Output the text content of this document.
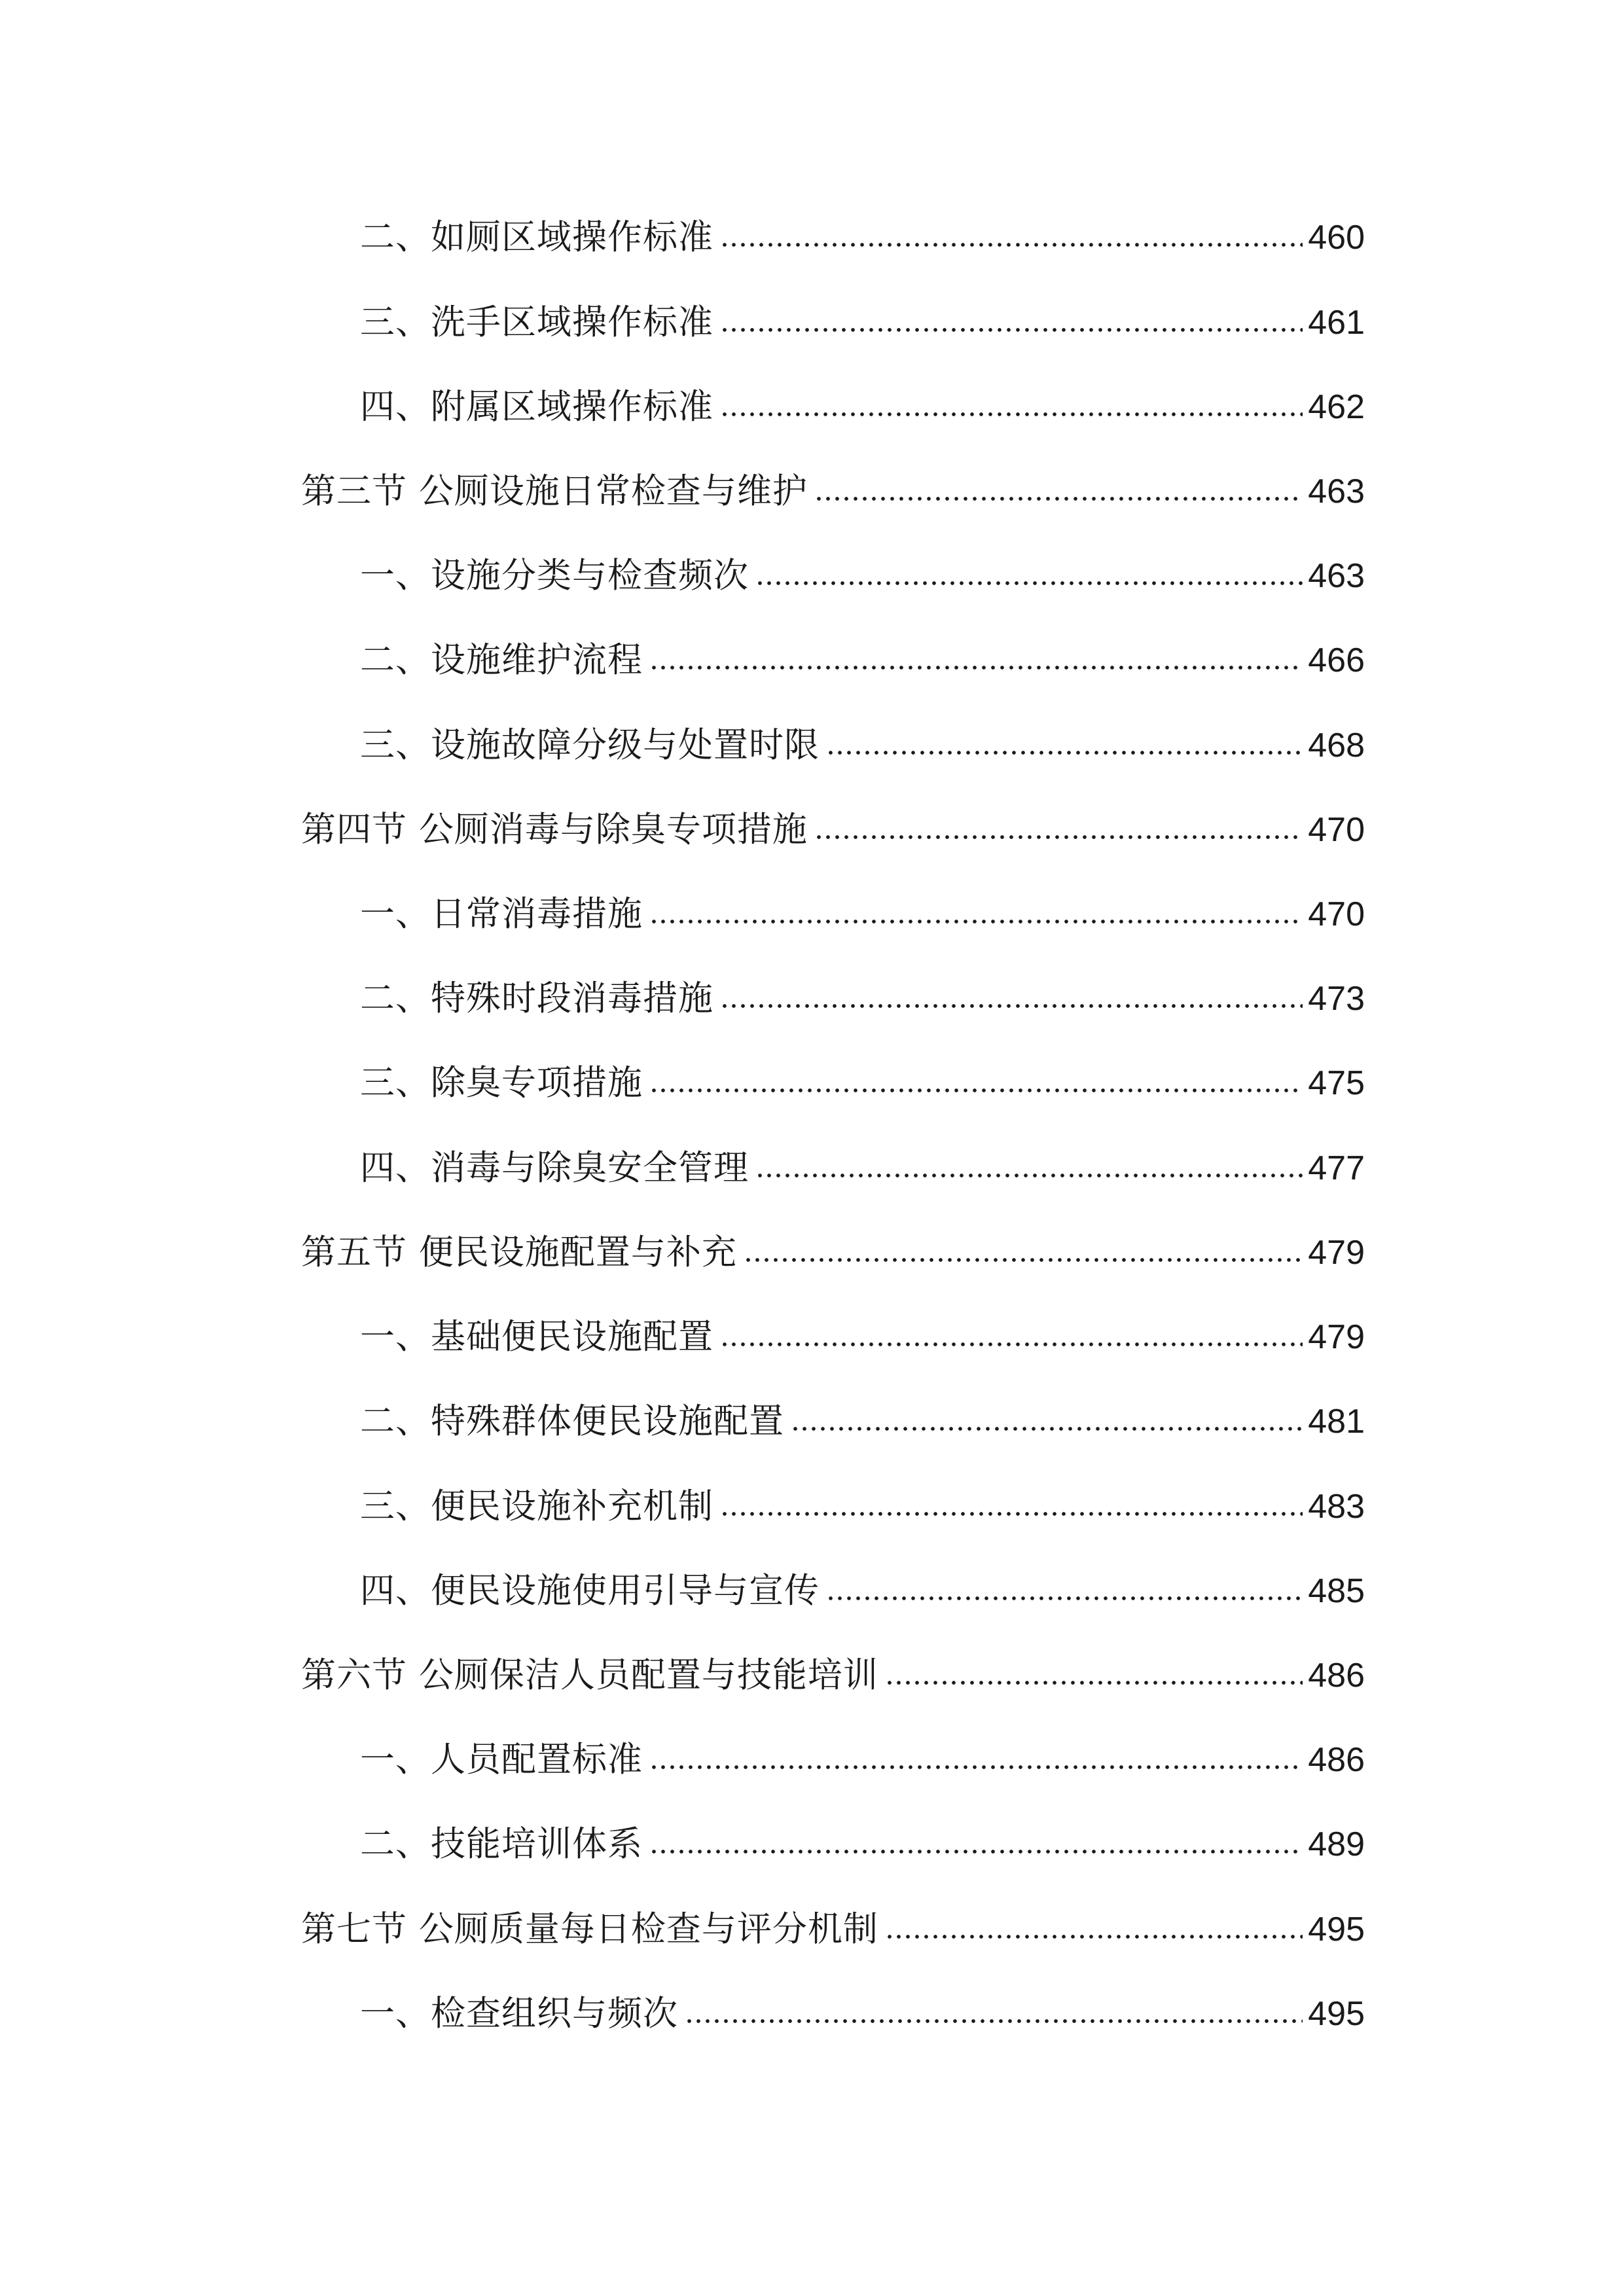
二、如厕区域操作标准	460
三、洗手区域操作标准	461
四、附属区域操作标准	462
第三节 公厕设施日常检查与维护	463
一、设施分类与检查频次	463
二、设施维护流程	466
三、设施故障分级与处置时限	468
第四节 公厕消毒与除臭专项措施	470
一、日常消毒措施	470
二、特殊时段消毒措施	473
三、除臭专项措施	475
四、消毒与除臭安全管理	477
第五节 便民设施配置与补充	479
一、基础便民设施配置	479
二、特殊群体便民设施配置	481
三、便民设施补充机制	483
四、便民设施使用引导与宣传	485
第六节 公厕保洁人员配置与技能培训	486
一、人员配置标准	486
二、技能培训体系	489
第七节 公厕质量每日检查与评分机制	495
一、检查组织与频次	495
